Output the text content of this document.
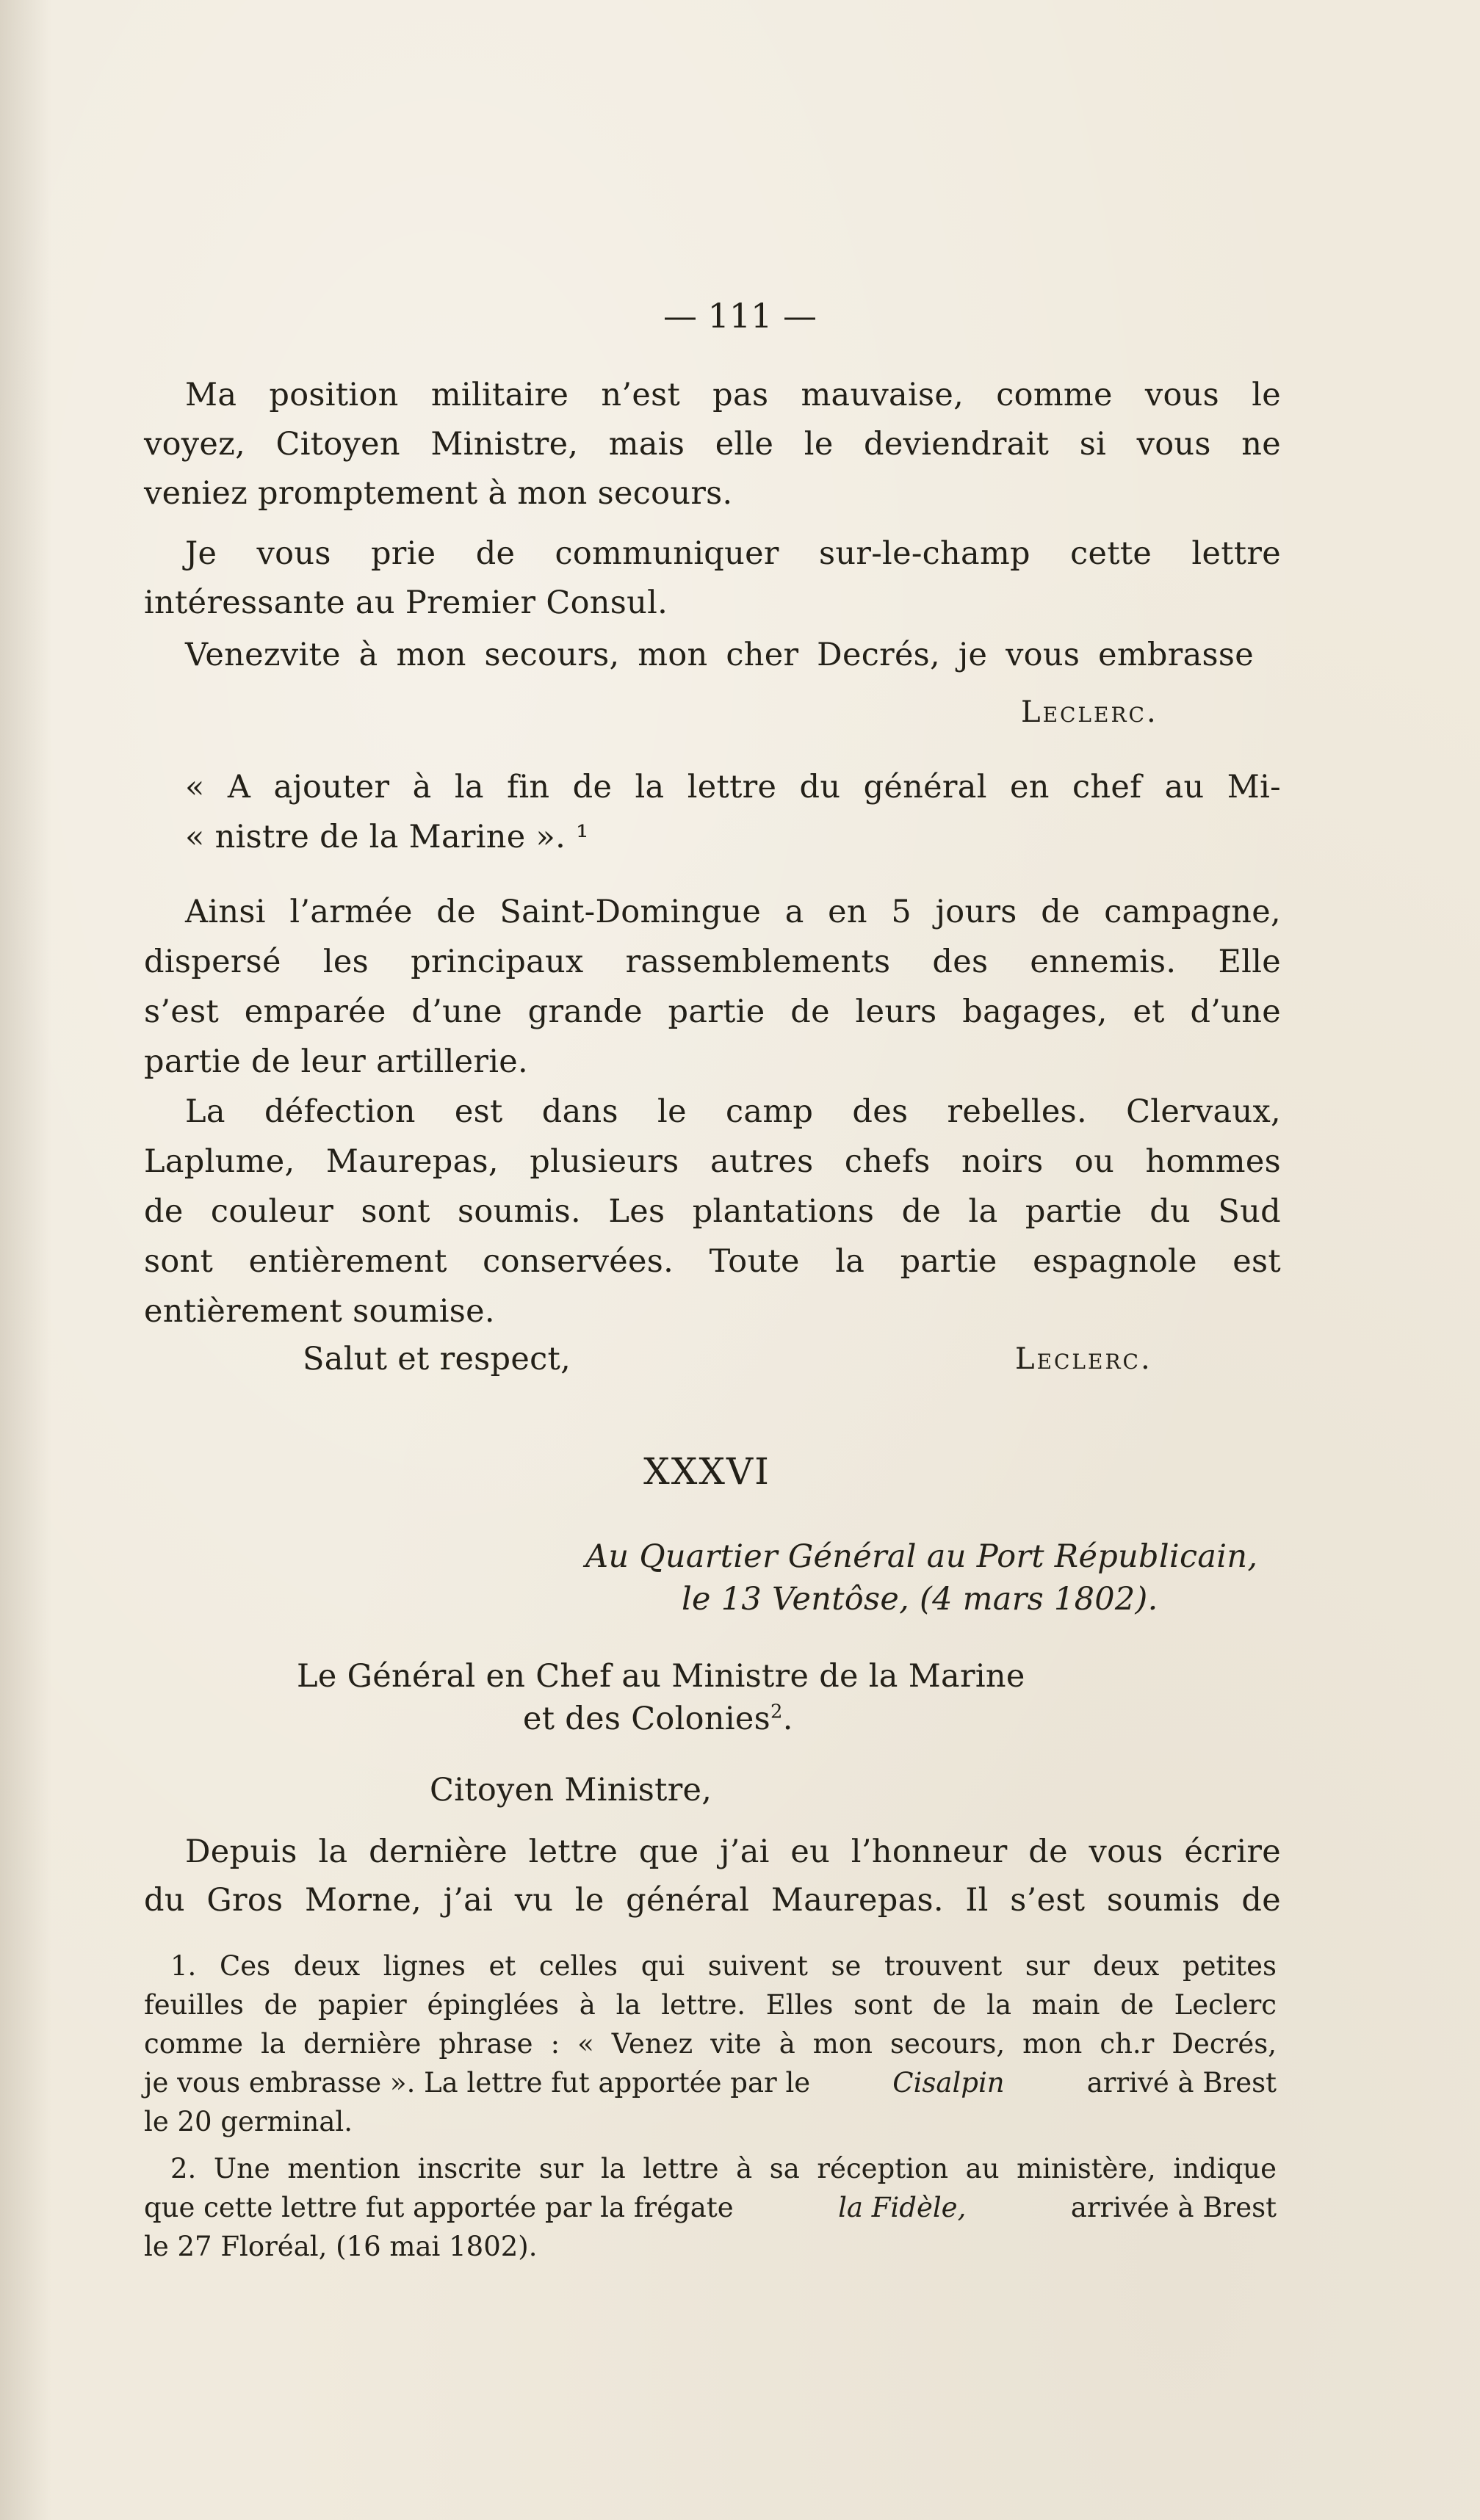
— 111 —
Ma position militaire n’est pas mauvaise, comme vous le
voyez, Citoyen Ministre, mais elle le deviendrait si vous ne
veniez promptement à mon secours.
Je vous prie de communiquer sur-le-champ cette lettre
intéressante au Premier Consul.
Venezvite à mon secours, mon cher Decrés, je vous embrasse
Leclerc.
« A ajouter à la fin de la lettre du général en chef au Mi-
« nistre de la Marine ». ¹
Ainsi l’armée de Saint-Domingue a en 5 jours de campagne,
dispersé les principaux rassemblements des ennemis. Elle
s’est emparée d’une grande partie de leurs bagages, et d’une
partie de leur artillerie.
La défection est dans le camp des rebelles. Clervaux,
Laplume, Maurepas, plusieurs autres chefs noirs ou hommes
de couleur sont soumis. Les plantations de la partie du Sud
sont entièrement conservées. Toute la partie espagnole est
entièrement soumise.
Salut et respect,	Leclerc.
XXXVI
Au Quartier Général au Port Républicain,
le 13 Ventôse, (4 mars 1802).
Le Général en Chef au Ministre de la Marine
et des Colonies$^2$.
Citoyen Ministre,
Depuis la dernière lettre que j’ai eu l’honneur de vous écrire
du Gros Morne, j’ai vu le général Maurepas. Il s’est soumis de
1. Ces deux lignes et celles qui suivent se trouvent sur deux petites
feuilles de papier épinglées à la lettre. Elles sont de la main de Leclerc
comme la dernière phrase : « Venez vite à mon secours, mon ch.r Decrés,
je vous embrasse ». La lettre fut apportée par le	Cisalpin	arrivé à Brest
le 20 germinal.
2. Une mention inscrite sur la lettre à sa réception au ministère, indique
que cette lettre fut apportée par la frégate	la Fidèle,	arrivée à Brest
le 27 Floréal, (16 mai 1802).
